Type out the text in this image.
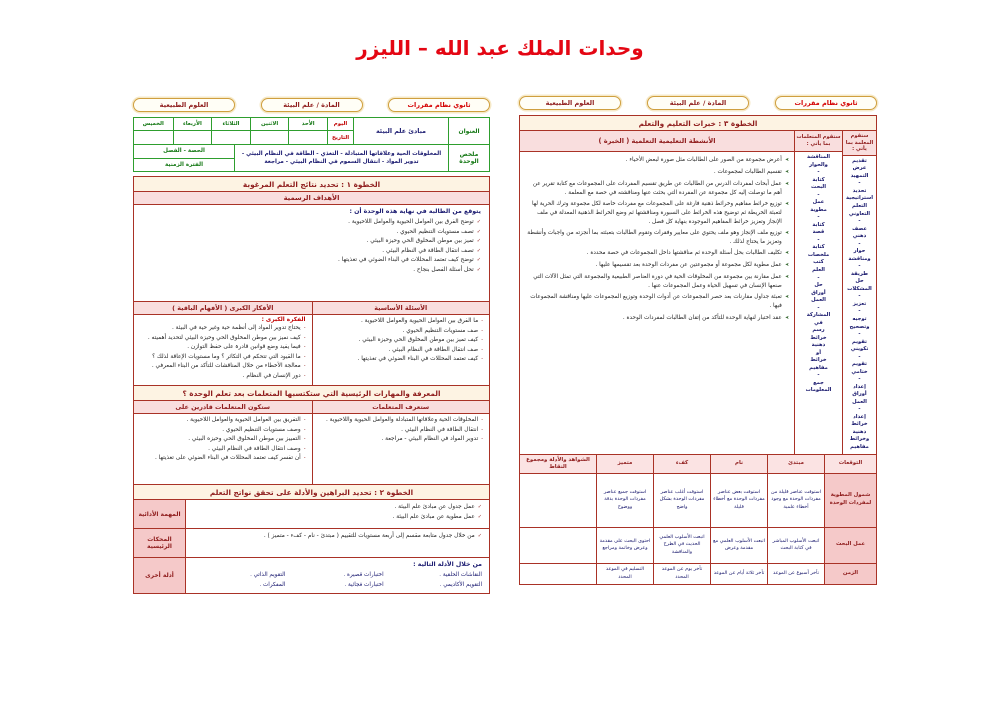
وحدات الملك عبد الله – الليزر
ثانوي نظام مقررات
المادة / علم البيئة
العلوم الطبيعية
العنوان
مبادئ علم البيئة
اليوم
الأحد
الاثنين
الثلاثاء
الأربعاء
الخميس
التاريخ
ملخص الوحدة
المخلوقات الحية وعلاقاتها المتبادلة - التغذي - الطاقة في النظام البيئي - تدوير المواد - انتقال السموم في النظام البيئي - مراجعة
الحصة - الفصل
الفترة الزمنية
الخطوة ١ : تحديد نتائج التعلم المرغوبة
الأهداف الرسمية
يتوقع من الطالبة في نهاية هذه الوحدة أن :
✓
توضح الفرق بين العوامل الحيوية والعوامل اللاحيوية .
✓
تصف مستويات التنظيم الحيوي .
✓
تميز بين موطن المخلوق الحي وحيزه البيئي .
✓
تصف انتقال الطاقة في النظام البيئي .
✓
توضح كيف تعتمد المحللات في البناء الضوئي في تغذيتها .
✓
تحل أسئلة الفصل بنجاح .
الأسئلة الأساسية
-
ما الفرق بين العوامل الحيوية والعوامل اللاحيوية .
-
صف مستويات التنظيم الحيوي .
-
كيف تميز بين موطن المخلوق الحي وحيزه البيئي .
-
صف انتقال الطاقة في النظام البيئي .
-
كيف تعتمد المحللات في البناء الضوئي في تغذيتها .
الأفكار الكبرى ( الأفهام الباقية )
الفكرة الكبرى :
-
يحتاج تدوير المواد إلى أنظمة حية وغير حية في البيئة .
-
كيف نميز بين موطن المخلوق الحي وحيزه البيئي لتحديد أهميته .
-
فيما يفيد وضع قوانين قادرة على حفظ التوازن .
-
ما القيود التي تتحكم في التكاثر ؟ وما مستويات الإعاقة لذلك ؟
-
معالجة الأخطاء من خلال المناقشات للتأكد من البناء المعرفي .
-
دور الإنسان في النظام .
المعرفة والمهارات الرئيسية التي ستكتسبها المتعلمات بعد تعلم الوحدة ؟
ستعرف المتعلمات
-
المخلوقات الحية وعلاقاتها المتبادلة والعوامل الحيوية واللاحيوية .
-
انتقال الطاقة في النظام البيئي .
-
تدوير المواد في النظام البيئي - مراجعة .
ستكون المتعلمات قادرين على
-
التفريق بين العوامل الحيوية والعوامل اللاحيوية .
-
وصف مستويات التنظيم الحيوي .
-
التمييز بين موطن المخلوق الحي وحيزه البيئي .
-
وصف انتقال الطاقة في النظام البيئي .
-
أن تفسر كيف تعتمد المحللات في البناء الضوئي على تغذيتها .
الخطوة ٢ : تحديد البراهين والأدلة على تحقق نواتج التعلم
المهمة الأدائية
✓
عمل جدول عن مبادئ علم البيئة .
✓
عمل مطوية عن مبادئ علم البيئة .
المحكات الرئيسية
✓
من خلال جدول متابعة مقسم إلى أربعة مستويات للتقييم ( مبتدئ - نام - كفء - متميز ) .
أدلة أخرى
من خلال الأدلة التالية :
النقاشات الحلقية .
اختبارات قصيرة .
التقويم الذاتي .
التقويم الأكاديمي .
اختبارات فجائية .
المفكرات .
ثانوي نظام مقررات
المادة / علم البيئة
العلوم الطبيعية
الخطوة ٣ : خبرات التعليم والتعلم
ستقوم المعلمة بما يأتي :
تقديم
عرض
التمهيد
-
تحديد
استراتيجية
التعلم
التعاوني
-
عصف
ذهني
-
حوار
ومناقشة
-
طريقة
حل
المشكلات
-
تعزيز
-
توجيه
وتصحيح
-
تقويم
تكويني
-
تقويم
ختامي
-
إعداد
أوراق
العمل
-
إعداد
خرائط
ذهنية
وخرائط
مفاهيم
ستقوم المتعلمات بما يأتي :
المناقشة
والحوار
-
كتابة
البحث
-
عمل
مطوية
-
كتابة
قصة
-
كتابة
ملخصات
كتب
العلم
-
حل
أوراق
العمل
-
المشاركة
في
رسم
خرائط
ذهنية
أو
خرائط
مفاهيم
-
جمع
المعلومات
الأنشطة التعليمية التعلمية ( الخبرة )
➤
أعرض مجموعة من الصور على الطالبات مثل صورة لبعض الأحياء .
➤
تقسيم الطالبات لمجموعات .
➤
عمل أبحاث لمفردات الدرس من الطالبات عن طريق تقسيم المفردات على المجموعات مع كتابة تقرير عن أهم ما توصلت إليه كل مجموعة عن المفردة التي بحثت عنها ومناقشته في حصة مع المعلمة .
➤
توزيع خرائط مفاهيم وخرائط ذهنية فارغة على المجموعات مع مفردات خاصة لكل مجموعة وترك الحرية لها لتعبئة الخريطة ثم توضيح هذه الخرائط على السبورة ومناقشتها ثم وضع الخرائط الذهنية المعدلة في ملف الإنجاز وتعزيز خرائط المفاهيم الموجودة بنهاية كل فصل .
➤
توزيع ملف الإنجاز وهو ملف يحتوي على معايير وفقرات وتقوم الطالبات بتعبئته بما أنجزته من واجبات وأنشطة وتعزيز ما يحتاج لذلك .
➤
تكليف الطالبات بحل أسئلة الوحدة ثم مناقشتها داخل المجموعات في حصة محددة .
➤
عمل مطوية لكل مجموعة أو مجموعتين عن مفردات الوحدة بعد تقسيمها عليها .
➤
عمل مقارنة بين مجموعة من المخلوقات الحية في دورة العناصر الطبيعية والمجموعة التي تمثل الآلات التي صنعها الإنسان في تسهيل الحياة وعمل المجموعات عنها .
➤
تعبئة جداول مقارنات بعد حصر المجموعات عن أدوات الوحدة وتوزيع المجموعات عليها ومناقشة المجموعات فيها .
➤
عقد اختبار لنهاية الوحدة للتأكد من إتقان الطالبات لمفردات الوحدة .
التوقعات
مبتدئ
نام
كفء
متميز
الشواهد والأدلة ومجموع النقاط
شمول المطوية لمفردات الوحدة
استوفت عناصر قليلة من مفردات الوحدة مع وجود أخطاء علمية
استوفت بعض عناصر مفردات الوحدة مع أخطاء قليلة
استوفت أغلب عناصر مفردات الوحدة بشكل واضح
استوفت جميع عناصر مفردات الوحدة بدقة ووضوح
عمل البحث
اتبعت الأسلوب المباشر في كتابة البحث
اتبعت الأسلوب العلمي مع مقدمة وعرض
اتبعت الأسلوب العلمي الحديث في الطرح والمناقشة
احتوى البحث على مقدمة وعرض وخاتمة ومراجع
الزمن
تأخر أسبوع عن الموعد
تأخر ثلاثة أيام عن الموعد
تأخر يوم عن الموعد المحدد
التسليم في الموعد المحدد
